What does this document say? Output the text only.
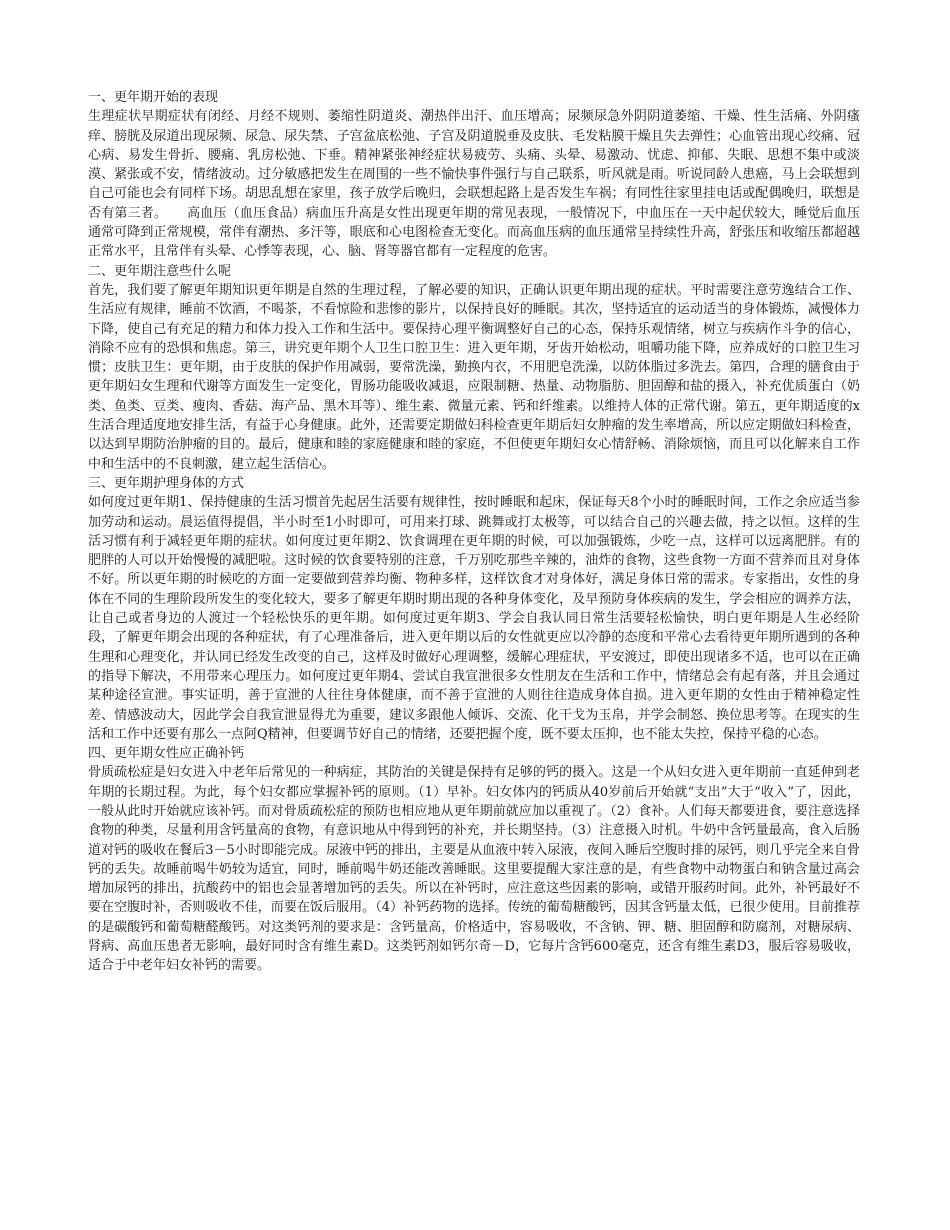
一、更年期开始的表现

生理症状早期症状有闭经、月经不规则、萎缩性阴道炎、潮热伴出汗、血压增高；尿频尿急外阴阴道萎缩、干燥、性生活痛、外阴瘙痒、膀胱及尿道出现尿频、尿急、尿失禁、子宫盆底松弛、子宫及阴道脱垂及皮肤、毛发粘膜干燥且失去弹性；心血管出现心绞痛、冠心病、易发生骨折、腰痛、乳房松弛、下垂。精神紧张神经症状易疲劳、头痛、头晕、易激动、忧虑、抑郁、失眠、思想不集中或淡漠、紧张或不安，情绪波动。过分敏感把发生在周围的一些不愉快事件强行与自己联系，听风就是雨。听说同龄人患癌，马上会联想到自己可能也会有同样下场。胡思乱想在家里，孩子放学后晚归，会联想起路上是否发生车祸；有同性往家里挂电话或配偶晚归，联想是否有第三者。　　高血压（血压食品）病血压升高是女性出现更年期的常见表现，一般情况下，中血压在一天中起伏较大，睡觉后血压通常可降到正常规模，常伴有潮热、多汗等，眼底和心电图检查无变化。而高血压病的血压通常呈持续性升高，舒张压和收缩压都超越正常水平，且常伴有头晕、心悸等表现，心、脑、肾等器官都有一定程度的危害。

二、更年期注意些什么呢

首先，我们要了解更年期知识更年期是自然的生理过程，了解必要的知识，正确认识更年期出现的症状。平时需要注意劳逸结合工作、生活应有规律，睡前不饮酒，不喝茶，不看惊险和悲惨的影片，以保持良好的睡眠。其次，坚持适宜的运动适当的身体锻炼，减慢体力下降，使自己有充足的精力和体力投入工作和生活中。要保持心理平衡调整好自己的心态，保持乐观情绪，树立与疾病作斗争的信心，消除不应有的恐惧和焦虑。第三，讲究更年期个人卫生口腔卫生：进入更年期，牙齿开始松动，咀嚼功能下降，应养成好的口腔卫生习惯；皮肤卫生：更年期，由于皮肤的保护作用减弱，要常洗澡，勤换内衣，不用肥皂洗澡，以防体脂过多洗去。第四，合理的膳食由于更年期妇女生理和代谢等方面发生一定变化，胃肠功能吸收减退，应限制糖、热量、动物脂肪、胆固醇和盐的摄入，补充优质蛋白（奶类、鱼类、豆类、瘦肉、香菇、海产品、黑木耳等）、维生素、微量元素、钙和纤维素。以维持人体的正常代谢。第五，更年期适度的x生活合理适度地安排生活，有益于心身健康。此外，还需要定期做妇科检查更年期后妇女肿瘤的发生率增高，所以应定期做妇科检查，以达到早期防治肿瘤的目的。最后，健康和睦的家庭健康和睦的家庭，不但使更年期妇女心情舒畅、消除烦恼，而且可以化解来自工作中和生活中的不良刺激，建立起生活信心。

三、更年期护理身体的方式

如何度过更年期1、保持健康的生活习惯首先起居生活要有规律性，按时睡眠和起床，保证每天8个小时的睡眠时间，工作之余应适当参加劳动和运动。晨运值得提倡，半小时至1小时即可，可用来打球、跳舞或打太极等，可以结合自己的兴趣去做，持之以恒。这样的生活习惯有利于减轻更年期的症状。如何度过更年期2、饮食调理在更年期的时候，可以加强锻炼，少吃一点，这样可以远离肥胖。有的肥胖的人可以开始慢慢的减肥啦。这时候的饮食要特别的注意，千万别吃那些辛辣的，油炸的食物，这些食物一方面不营养而且对身体不好。所以更年期的时候吃的方面一定要做到营养均衡、物种多样，这样饮食才对身体好，满足身体日常的需求。专家指出，女性的身体在不同的生理阶段所发生的变化较大，要多了解更年期时期出现的各种身体变化，及早预防身体疾病的发生，学会相应的调养方法，让自己或者身边的人渡过一个轻松快乐的更年期。如何度过更年期3、学会自我认同日常生活要轻松愉快，明白更年期是人生必经阶段，了解更年期会出现的各种症状，有了心理准备后，进入更年期以后的女性就更应以冷静的态度和平常心去看待更年期所遇到的各种生理和心理变化，并认同已经发生改变的自己，这样及时做好心理调整，缓解心理症状，平安渡过，即使出现诸多不适，也可以在正确的指导下解决，不用带来心理压力。如何度过更年期4、尝试自我宣泄很多女性朋友在生活和工作中，情绪总会有起有落，并且会通过某种途径宣泄。事实证明，善于宣泄的人往往身体健康，而不善于宣泄的人则往往造成身体自损。进入更年期的女性由于精神稳定性差、情感波动大，因此学会自我宣泄显得尤为重要，建议多跟他人倾诉、交流、化干戈为玉帛，并学会制怒、换位思考等。在现实的生活和工作中还要有那么一点阿Q精神，但要调节好自己的情绪，还要把握个度，既不要太压抑，也不能太失控，保持平稳的心态。

四、更年期女性应正确补钙

骨质疏松症是妇女进入中老年后常见的一种病症，其防治的关键是保持有足够的钙的摄入。这是一个从妇女进入更年期前一直延伸到老年期的长期过程。为此，每个妇女都应掌握补钙的原则。（1）早补。妇女体内的钙质从40岁前后开始就“支出”大于“收入”了，因此，一般从此时开始就应该补钙。而对骨质疏松症的预防也相应地从更年期前就应加以重视了。（2）食补。人们每天都要进食，要注意选择食物的种类，尽量利用含钙量高的食物，有意识地从中得到钙的补充，并长期坚持。（3）注意摄入时机。牛奶中含钙量最高，食入后肠道对钙的吸收在餐后3－5小时即能完成。尿液中钙的排出，主要是从血液中转入尿液，夜间入睡后空腹时排的尿钙，则几乎完全来自骨钙的丢失。故睡前喝牛奶较为适宜，同时，睡前喝牛奶还能改善睡眠。这里要提醒大家注意的是，有些食物中动物蛋白和钠含量过高会增加尿钙的排出，抗酸药中的铝也会显著增加钙的丢失。所以在补钙时，应注意这些因素的影响，或错开服药时间。此外，补钙最好不要在空腹时补，否则吸收不佳，而要在饭后服用。（4）补钙药物的选择。传统的葡萄糖酸钙，因其含钙量太低，已很少使用。目前推荐的是碳酸钙和葡萄糖醛酸钙。对这类钙剂的要求是：含钙量高，价格适中，容易吸收，不含钠、钾、糖、胆固醇和防腐剂，对糖尿病、肾病、高血压患者无影响，最好同时含有维生素D。这类钙剂如钙尔奇－D，它每片含钙600毫克，还含有维生素D3，服后容易吸收，适合于中老年妇女补钙的需要。
